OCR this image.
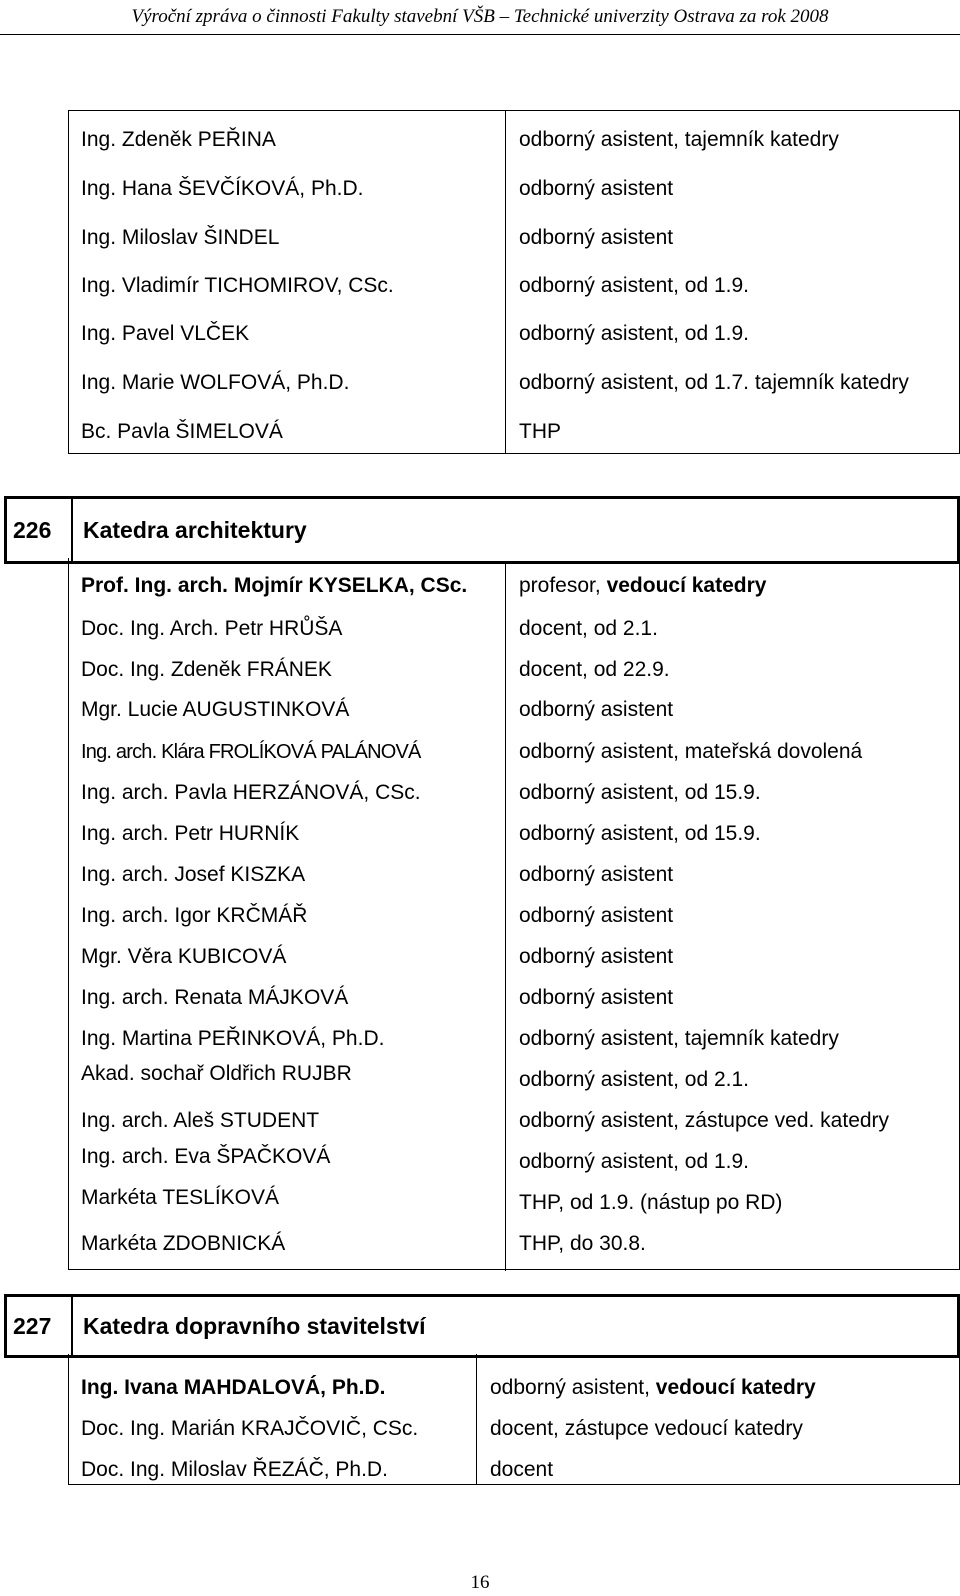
Výroční zpráva o činnosti Fakulty stavební VŠB – Technické univerzity Ostrava za rok 2008
Ing. Zdeněk PEŘINA	odborný asistent, tajemník katedry
Ing. Hana ŠEVČÍKOVÁ, Ph.D.	odborný asistent
Ing. Miloslav ŠINDEL	odborný asistent
Ing. Vladimír TICHOMIROV, CSc.	odborný asistent, od 1.9.
Ing. Pavel VLČEK	odborný asistent, od 1.9.
Ing. Marie WOLFOVÁ, Ph.D.	odborný asistent, od 1.7. tajemník katedry
Bc. Pavla ŠIMELOVÁ	THP
226 Katedra architektury
Prof. Ing. arch. Mojmír KYSELKA, CSc. profesor, vedoucí katedry
Doc. Ing. Arch. Petr HRŮŠA	docent, od 2.1.
Doc. Ing. Zdeněk FRÁNEK	docent, od 22.9.
Mgr. Lucie AUGUSTINKOVÁ	odborný asistent
Ing. arch. Klára FROLÍKOVÁ PALÁNOVÁ	odborný asistent, mateřská dovolená
Ing. arch. Pavla HERZÁNOVÁ, CSc.	odborný asistent, od 15.9.
Ing. arch. Petr HURNÍK	odborný asistent, od 15.9.
Ing. arch. Josef KISZKA	odborný asistent
Ing. arch. Igor KRČMÁŘ	odborný asistent
Mgr. Věra KUBICOVÁ	odborný asistent
Ing. arch. Renata MÁJKOVÁ	odborný asistent
Ing. Martina PEŘINKOVÁ, Ph.D.	odborný asistent, tajemník katedry
Akad. sochař Oldřich RUJBR	odborný asistent, od 2.1.
Ing. arch. Aleš STUDENT	odborný asistent, zástupce ved. katedry
Ing. arch. Eva ŠPAČKOVÁ	odborný asistent, od 1.9.
Markéta TESLÍKOVÁ	THP, od 1.9. (nástup po RD)
Markéta ZDOBNICKÁ	THP, do 30.8.
227 Katedra dopravního stavitelství
Ing. Ivana MAHDALOVÁ, Ph.D.	odborný asistent, vedoucí katedry
Doc. Ing. Marián KRAJČOVIČ, CSc.	docent, zástupce vedoucí katedry
Doc. Ing. Miloslav ŘEZÁČ, Ph.D.	docent
16
